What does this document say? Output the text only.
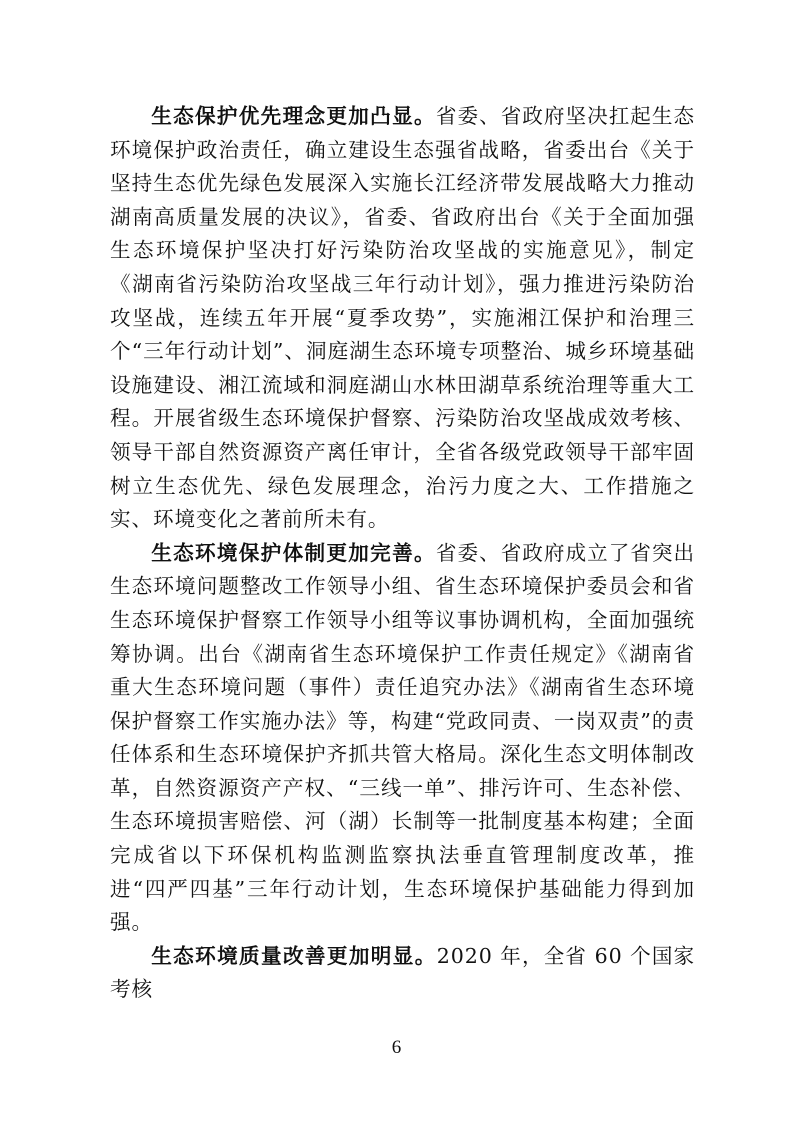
生态保护优先理念更加凸显。省委、省政府坚决扛起生态环境保护政治责任，确立建设生态强省战略，省委出台《关于坚持生态优先绿色发展深入实施长江经济带发展战略大力推动湖南高质量发展的决议》，省委、省政府出台《关于全面加强生态环境保护坚决打好污染防治攻坚战的实施意见》，制定《湖南省污染防治攻坚战三年行动计划》，强力推进污染防治攻坚战，连续五年开展“夏季攻势”，实施湘江保护和治理三个“三年行动计划”、洞庭湖生态环境专项整治、城乡环境基础设施建设、湘江流域和洞庭湖山水林田湖草系统治理等重大工程。开展省级生态环境保护督察、污染防治攻坚战成效考核、领导干部自然资源资产离任审计，全省各级党政领导干部牢固树立生态优先、绿色发展理念，治污力度之大、工作措施之实、环境变化之著前所未有。

生态环境保护体制更加完善。省委、省政府成立了省突出生态环境问题整改工作领导小组、省生态环境保护委员会和省生态环境保护督察工作领导小组等议事协调机构，全面加强统筹协调。出台《湖南省生态环境保护工作责任规定》《湖南省重大生态环境问题（事件）责任追究办法》《湖南省生态环境保护督察工作实施办法》等，构建“党政同责、一岗双责”的责任体系和生态环境保护齐抓共管大格局。深化生态文明体制改革，自然资源资产产权、“三线一单”、排污许可、生态补偿、生态环境损害赔偿、河（湖）长制等一批制度基本构建；全面完成省以下环保机构监测监察执法垂直管理制度改革，推进“四严四基”三年行动计划，生态环境保护基础能力得到加强。

生态环境质量改善更加明显。2020 年，全省 60 个国家考核

6
